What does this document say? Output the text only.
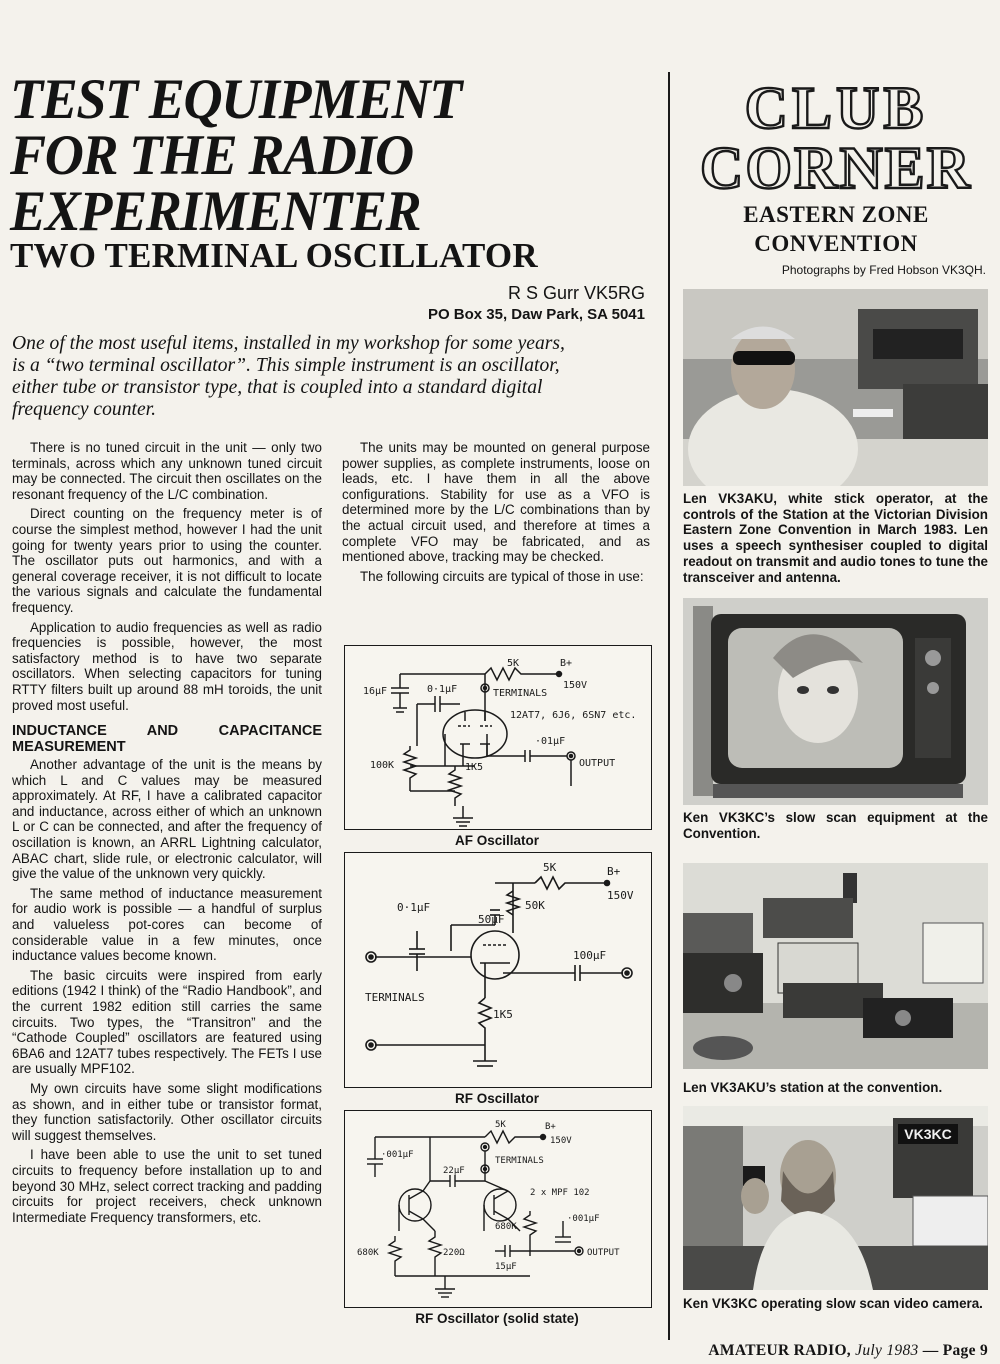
TEST EQUIPMENT
FOR THE RADIO
EXPERIMENTER
TWO TERMINAL OSCILLATOR
R S Gurr VK5RG
PO Box 35, Daw Park, SA 5041
One of the most useful items, installed in my workshop for some years, is a “two terminal oscillator”. This simple instrument is an oscillator, either tube or transistor type, that is coupled into a standard digital frequency counter.

There is no tuned circuit in the unit — only two terminals, across which any unknown tuned circuit may be connected. The circuit then oscillates on the resonant frequency of the L/C combination.

Direct counting on the frequency meter is of course the simplest method, however I had the unit going for twenty years prior to using the counter. The oscillator puts out harmonics, and with a general coverage receiver, it is not difficult to locate the various signals and calculate the fundamental frequency.

Application to audio frequencies as well as radio frequencies is possible, however, the most satisfactory method is to have two separate oscillators. When selecting capacitors for tuning RTTY filters built up around 88 mH toroids, the unit proved most useful.

INDUCTANCE AND CAPACITANCE MEASUREMENT

Another advantage of the unit is the means by which L and C values may be measured approximately. At RF, I have a calibrated capacitor and inductance, across either of which an unknown L or C can be connected, and after the frequency of oscillation is known, an ARRL Lightning calculator, ABAC chart, slide rule, or electronic calculator, will give the value of the unknown very quickly.

The same method of inductance measurement for audio work is possible — a handful of surplus and valueless pot-cores can become of considerable value in a few minutes, once inductance values become known.

The basic circuits were inspired from early editions (1942 I think) of the “Radio Handbook”, and the current 1982 edition still carries the same circuits. Two types, the “Transitron” and the “Cathode Coupled” oscillators are featured using 6BA6 and 12AT7 tubes respectively. The FETs I use are usually MPF102.

My own circuits have some slight modifications as shown, and in either tube or transistor format, they function satisfactorily. Other oscillator circuits will suggest themselves.

I have been able to use the unit to set tuned circuits to frequency before installation up to and beyond 30 MHz, select correct tracking and padding circuits for project receivers, check unknown Intermediate Frequency transformers, etc.

The units may be mounted on general purpose power supplies, as complete instruments, loose on leads, etc. I have them in all the above configurations. Stability for use as a VFO is determined more by the L/C combinations than by the actual circuit used, and therefore at times a complete VFO may be fabricated, and as mentioned above, tracking may be checked.

The following circuits are typical of those in use:

16μF	0·1μF
5K	B+
150V
TERMINALS
12AT7, 6J6, 6SN7 etc.
·01μF
100K	1K5	OUTPUT
AF Oscillator
5K	B+
150V
0·1μF
50μF
50K
100μF
TERMINALS
1K5
RF Oscillator
5K	B+
150V
·001μF
TERMINALS
22μF
2 x MPF 102
·001μF
680K
680K	220Ω
15μF
OUTPUT
RF Oscillator (solid state)
CLUB
CORNER
EASTERN ZONE
CONVENTION
Photographs by Fred Hobson VK3QH.
Len VK3AKU, white stick operator, at the controls of the Station at the Victorian Division Eastern Zone Convention in March 1983. Len uses a speech synthesiser coupled to digital readout on transmit and audio tones to tune the transceiver and antenna.
Ken VK3KC’s slow scan equipment at the Convention.
Len VK3AKU’s station at the convention.
VK3KC
Ken VK3KC operating slow scan video camera.
AMATEUR RADIO, July 1983 — Page 9
